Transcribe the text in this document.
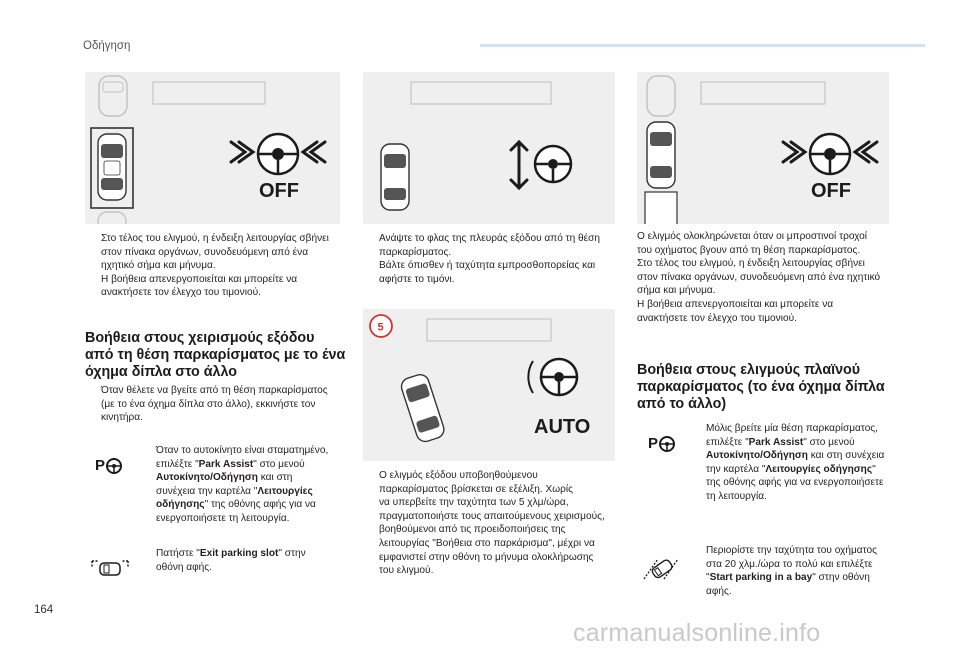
Οδήγηση
OFF
Στο τέλος του ελιγμού, η ένδειξη λειτουργίας σβήνει
στον πίνακα οργάνων, συνοδευόμενη από ένα
ηχητικό σήμα και μήνυμα.
Η βοήθεια απενεργοποιείται και μπορείτε να
ανακτήσετε τον έλεγχο του τιμονιού.
Βοήθεια στους χειρισμούς εξόδου
από τη θέση παρκαρίσματος με το ένα
όχημα δίπλα στο άλλο
Όταν θέλετε να βγείτε από τη θέση παρκαρίσματος
(με το ένα όχημα δίπλα στο άλλο), εκκινήστε τον
κινητήρα.
P
Όταν το αυτοκίνητο είναι σταματημένο,
επιλέξτε "Park Assist" στο μενού
Αυτοκίνητο/Οδήγηση και στη
συνέχεια την καρτέλα "Λειτουργίες
οδήγησης" της οθόνης αφής για να
ενεργοποιήσετε τη λειτουργία.
Πατήστε "Exit parking slot" στην
οθόνη αφής.
Ανάψτε το φλας της πλευράς εξόδου από τη θέση
παρκαρίσματος.
Βάλτε όπισθεν ή ταχύτητα εμπροσθοπορείας και
αφήστε το τιμόνι.
5
AUTO
Ο ελιγμός εξόδου υποβοηθούμενου
παρκαρίσματος βρίσκεται σε εξέλιξη. Χωρίς
να υπερβείτε την ταχύτητα των 5 χλμ/ώρα,
πραγματοποιήστε τους απαιτούμενους χειρισμούς,
βοηθούμενοι από τις προειδοποιήσεις της
λειτουργίας "Βοήθεια στο παρκάρισμα", μέχρι να
εμφανιστεί στην οθόνη το μήνυμα ολοκλήρωσης
του ελιγμού.
OFF
Ο ελιγμός ολοκληρώνεται όταν οι μπροστινοί τροχοί
του οχήματος βγουν από τη θέση παρκαρίσματος.
Στο τέλος του ελιγμού, η ένδειξη λειτουργίας σβήνει
στον πίνακα οργάνων, συνοδευόμενη από ένα ηχητικό
σήμα και μήνυμα.
Η βοήθεια απενεργοποιείται και μπορείτε να
ανακτήσετε τον έλεγχο του τιμονιού.
Βοήθεια στους ελιγμούς πλαϊνού
παρκαρίσματος (το ένα όχημα δίπλα
από το άλλο)
P
Μόλις βρείτε μία θέση παρκαρίσματος,
επιλέξτε "Park Assist" στο μενού
Αυτοκίνητο/Οδήγηση και στη συνέχεια
την καρτέλα "Λειτουργίες οδήγησης"
της οθόνης αφής για να ενεργοποιήσετε
τη λειτουργία.
Περιορίστε την ταχύτητα του οχήματος
στα 20 χλμ./ώρα το πολύ και επιλέξτε
"Start parking in a bay" στην οθόνη
αφής.
164
carmanualsonline.info
